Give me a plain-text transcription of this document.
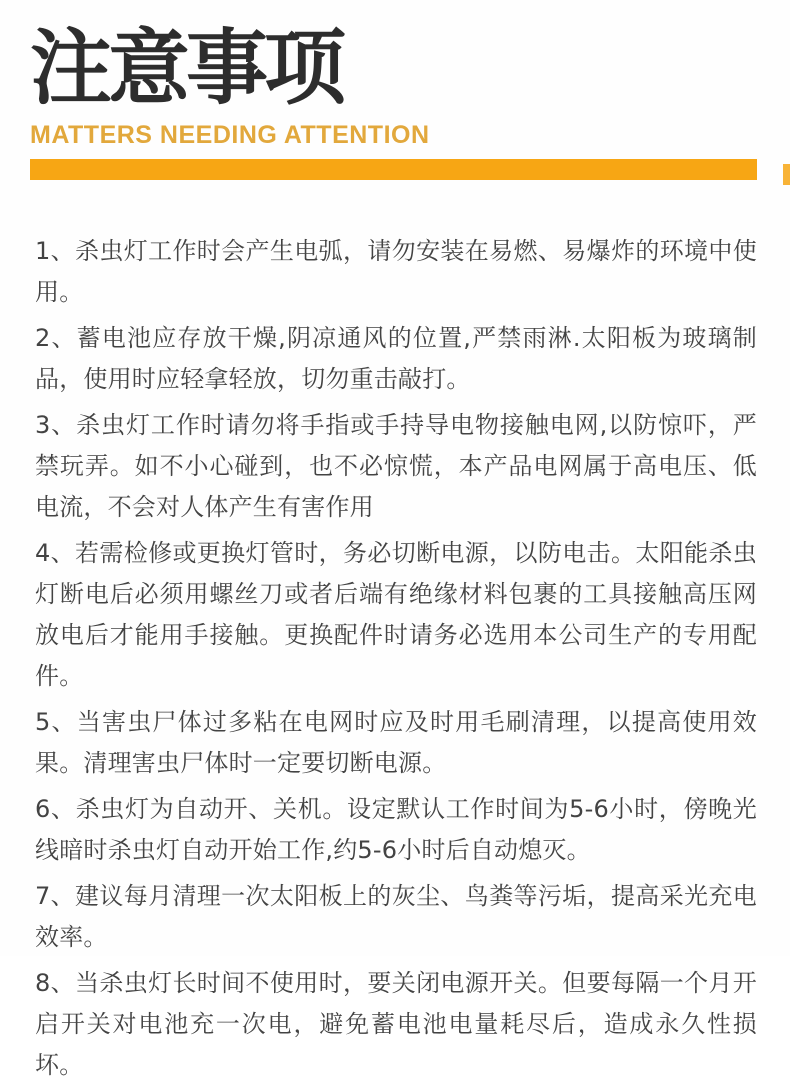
注意事项
MATTERS NEEDING ATTENTION

1、杀虫灯工作时会产生电弧，请勿安装在易燃、易爆炸的环境中使用。

2、蓄电池应存放干燥,阴凉通风的位置,严禁雨淋.太阳板为玻璃制品，使用时应轻拿轻放，切勿重击敲打。

3、杀虫灯工作时请勿将手指或手持导电物接触电网,以防惊吓，严禁玩弄。如不小心碰到，也不必惊慌，本产品电网属于高电压、低电流，不会对人体产生有害作用

4、若需检修或更换灯管时，务必切断电源，以防电击。太阳能杀虫灯断电后必须用螺丝刀或者后端有绝缘材料包裹的工具接触高压网放电后才能用手接触。更换配件时请务必选用本公司生产的专用配件。

5、当害虫尸体过多粘在电网时应及时用毛刷清理，以提高使用效果。清理害虫尸体时一定要切断电源。

6、杀虫灯为自动开、关机。设定默认工作时间为5-6小时，傍晚光线暗时杀虫灯自动开始工作,约5-6小时后自动熄灭。

7、建议每月清理一次太阳板上的灰尘、鸟粪等污垢，提高采光充电效率。

8、当杀虫灯长时间不使用时，要关闭电源开关。但要每隔一个月开启开关对电池充一次电，避免蓄电池电量耗尽后，造成永久性损坏。
